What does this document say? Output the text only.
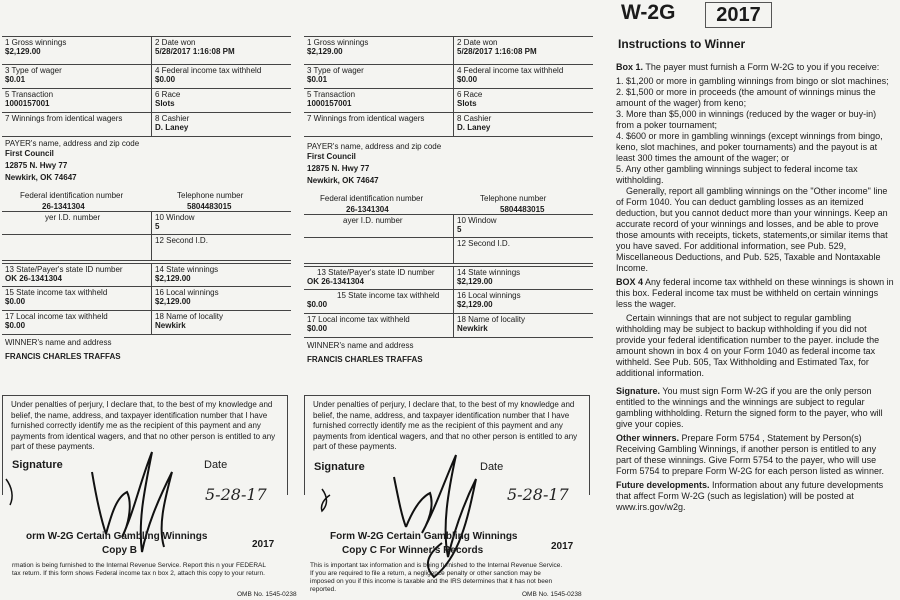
1 Gross winnings
$2,129.00
2 Date won
5/28/2017 1:16:08 PM
3 Type of wager
$0.01
4 Federal income tax withheld
$0.00
5 Transaction
1000157001
6 Race
Slots
7 Winnings from identical wagers	8 Cashier
D. Laney
PAYER's name, address and zip code
First Council
12875 N. Hwy 77
Newkirk, OK 74647
Federal identification number	Telephone number
26-1341304	5804483015
yer I.D. number	10 Window
5
12 Second I.D.
13 State/Payer's state ID number
OK 26-1341304
14 State winnings
$2,129.00
15 State income tax withheld
$0.00
16 Local winnings
$2,129.00
17 Local income tax withheld
$0.00
18 Name of locality
Newkirk
WINNER's name and address
FRANCIS CHARLES TRAFFAS
Under penalties of perjury, I declare that, to the best of my knowledge and belief, the name, address, and taxpayer identification number that I have furnished correctly identify me as the recipient of this payment and any payments from identical wagers, and that no other person is entitled to any part of these payments.
Signature	Date
5-28-17
orm W-2G Certain Gambling Winnings
Copy B
2017
rmation is being furnished to the Internal Revenue Service. Report this n your FEDERAL tax return. If this form shows Federal income tax n box 2, attach this copy to your return.
OMB No. 1545-0238
1 Gross winnings
$2,129.00
2 Date won
5/28/2017 1:16:08 PM
3 Type of wager
$0.01
4 Federal income tax withheld
$0.00
5 Transaction
1000157001
6 Race
Slots
7 Winnings from identical wagers	8 Cashier
D. Laney
PAYER's name, address and zip code
First Council
12875 N. Hwy 77
Newkirk, OK 74647
Federal identification number	Telephone number
26-1341304	5804483015
ayer I.D. number	10 Window
5
12 Second I.D.
13 State/Payer's state ID number
OK 26-1341304
14 State winnings
$2,129.00
15 State income tax withheld
$0.00
16 Local winnings
$2,129.00
17 Local income tax withheld
$0.00
18 Name of locality
Newkirk
WINNER's name and address
FRANCIS CHARLES TRAFFAS
Under penalties of perjury, I declare that, to the best of my knowledge and belief, the name, address, and taxpayer identification number that I have furnished correctly identify me as the recipient of this payment and any payments from identical wagers, and that no other person is entitled to any part of these payments.
Signature	Date
5-28-17
Form W-2G Certain Gambling Winnings
Copy C For Winner's Records	2017
This is important tax information and is being furnished to the Internal Revenue Service. If you are required to file a return, a negligence penalty or other sanction may be imposed on you if this income is taxable and the IRS determines that it has not been reported.
OMB No. 1545-0238
W-2G	2017
Instructions to Winner

Box 1. The payer must furnish a Form W-2G to you if you receive:

1. $1,200 or more in gambling winnings from bingo or slot machines;

2. $1,500 or more in proceeds (the amount of winnings minus the amount of the wager) from keno;

3. More than $5,000 in winnings (reduced by the wager or buy-in) from a poker tournament;

4. $600 or more in gambling winnings (except winnings from bingo, keno, slot machines, and poker tournaments) and the payout is at least 300 times the amount of the wager; or

5. Any other gambling winnings subject to federal income tax withholding.

Generally, report all gambling winnings on the "Other income" line of Form 1040. You can deduct gambling losses as an itemized deduction, but you cannot deduct more than your winnings. Keep an accurate record of your winnings and losses, and be able to prove those amounts with receipts, tickets, statements,or similar items that you have saved. For additional information, see Pub. 529, Miscellaneous Deductions, and Pub. 525, Taxable and Nontaxable Income.

BOX 4 Any federal income tax withheld on these winnings is shown in this box. Federal income tax must be withheld on certain winnings less the wager.

Certain winnings that are not subject to regular gambling withholding may be subject to backup withholding if you did not provide your federal identification number to the payer. include the amount shown in box 4 on your Form 1040 as federal income tax withheld. See Pub. 505, Tax Withholding and Estimated Tax, for additional information.

Signature. You must sign Form W-2G if you are the only person entitled to the winnings and the winnings are subject to regular gambling withholding. Return the signed form to the payer, who will give your copies.

Other winners. Prepare Form 5754 , Statement by Person(s) Receiving Gambling Winnings, if another person is entitled to any part of these winnings. Give Form 5754 to the payer, who will use Form 5754 to prepare Form W-2G for each person listed as winner.

Future developments. Information about any future developments that affect Form W-2G (such as legislation) will be posted at www.irs.gov/w2g.
